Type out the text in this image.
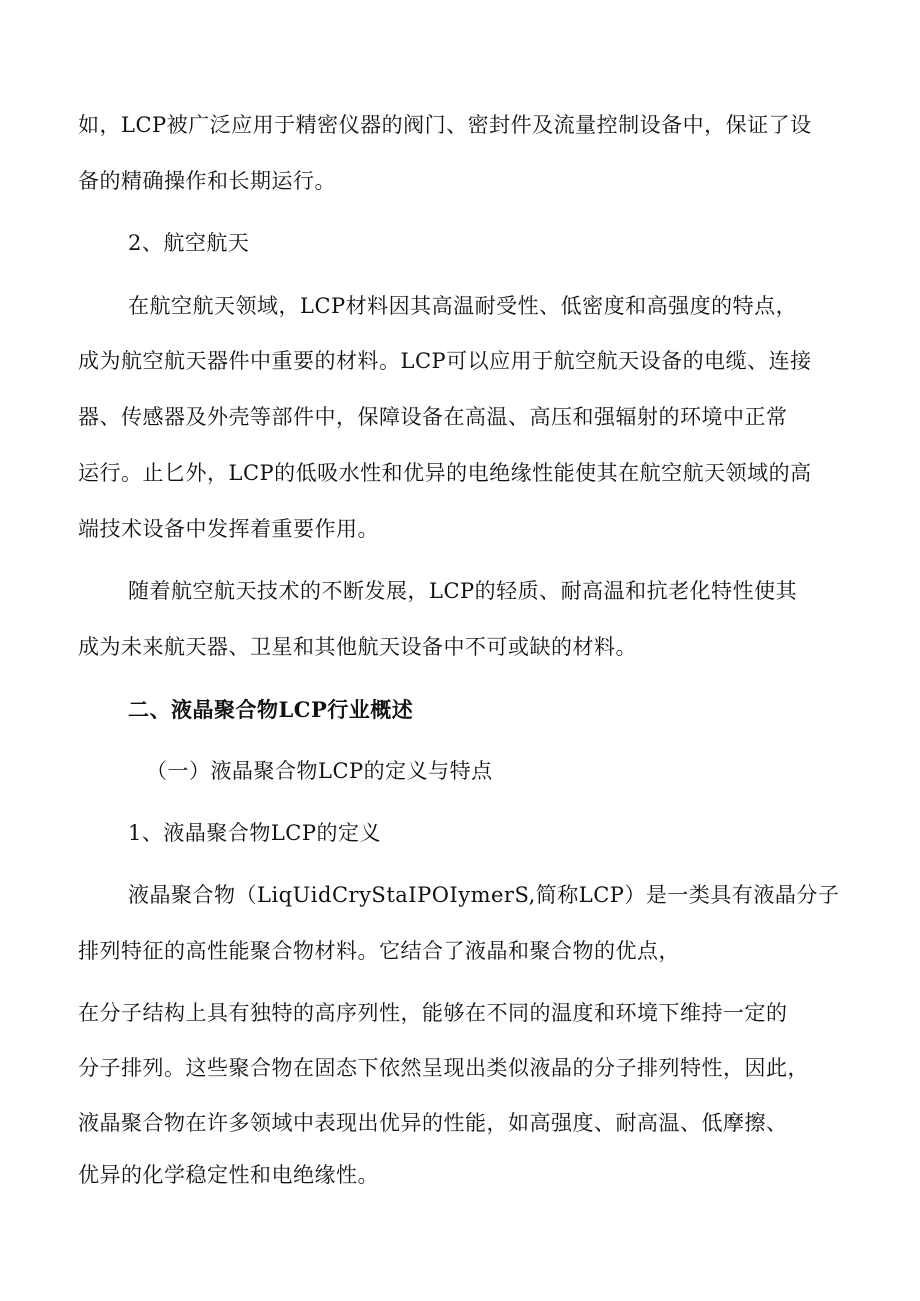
如，LCP被广泛应用于精密仪器的阀门、密封件及流量控制设备中，保证了设

备的精确操作和长期运行。

2、航空航天

在航空航天领域，LCP材料因其高温耐受性、低密度和高强度的特点，

成为航空航天器件中重要的材料。LCP可以应用于航空航天设备的电缆、连接

器、传感器及外壳等部件中，保障设备在高温、高压和强辐射的环境中正常

运行。止匕外，LCP的低吸水性和优异的电绝缘性能使其在航空航天领域的高

端技术设备中发挥着重要作用。

随着航空航天技术的不断发展，LCP的轻质、耐高温和抗老化特性使其

成为未来航天器、卫星和其他航天设备中不可或缺的材料。

二、液晶聚合物LCP行业概述

（一）液晶聚合物LCP的定义与特点

1、液晶聚合物LCP的定义

液晶聚合物（LiqUidCryStaIPOIymerS,简称LCP）是一类具有液晶分子

排列特征的高性能聚合物材料。它结合了液晶和聚合物的优点，

在分子结构上具有独特的高序列性，能够在不同的温度和环境下维持一定的

分子排列。这些聚合物在固态下依然呈现出类似液晶的分子排列特性，因此，

液晶聚合物在许多领域中表现出优异的性能，如高强度、耐高温、低摩擦、

优异的化学稳定性和电绝缘性。
